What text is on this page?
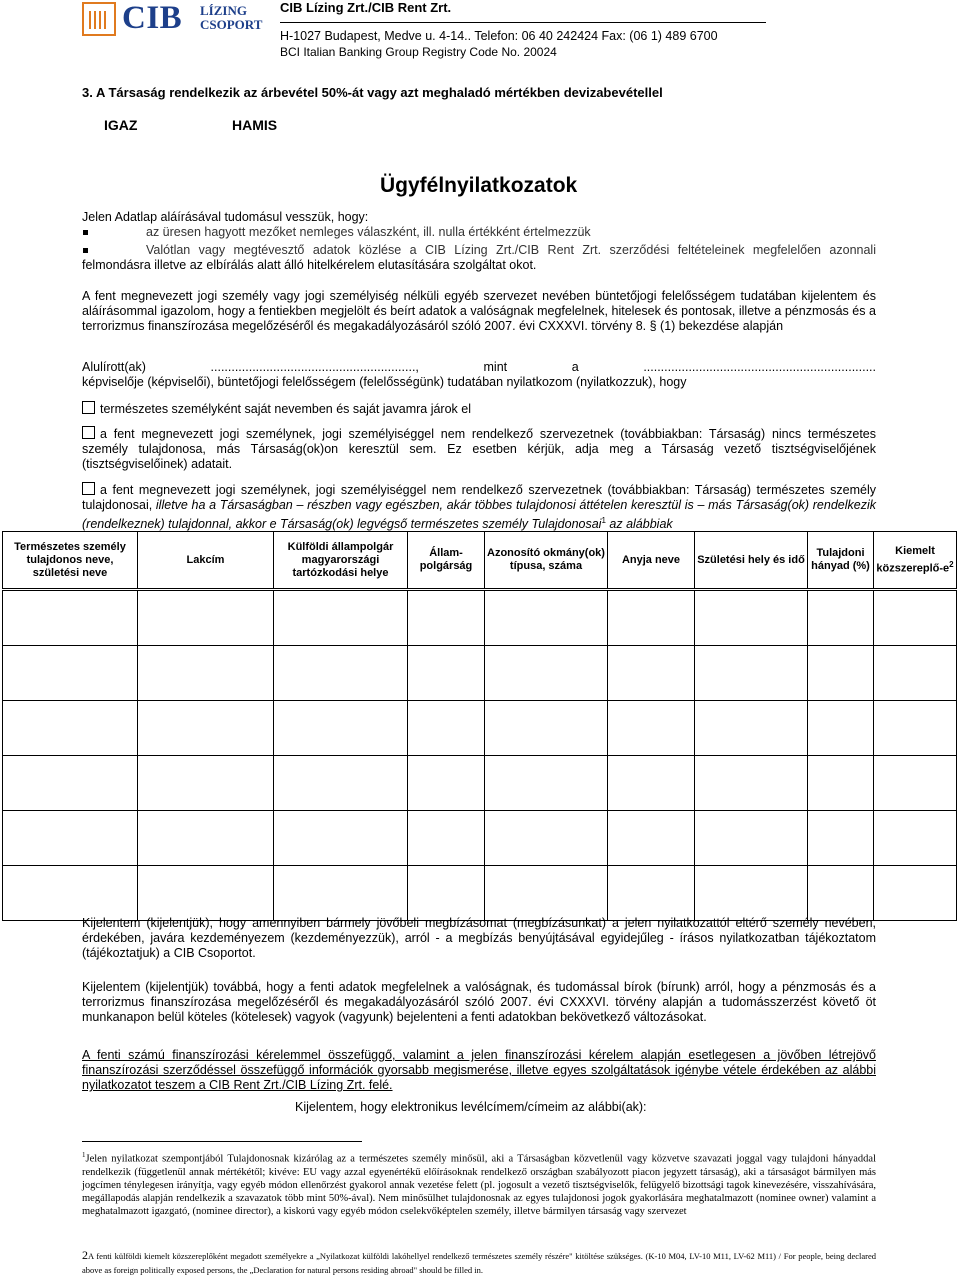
CIB LÍZING
CSOPORT
CIB Lízing Zrt./CIB Rent Zrt.
H-1027 Budapest, Medve u. 4-14.. Telefon: 06 40 242424 Fax: (06 1) 489 6700
BCI Italian Banking Group Registry Code No. 20024
3. A Társaság rendelkezik az árbevétel 50%-át vagy azt meghaladó mértékben devizabevétellel
IGAZ	HAMIS
Ügyfélnyilatkozatok
Jelen Adatlap aláírásával tudomásul vesszük, hogy:
az üresen hagyott mezőket nemleges válaszként, ill. nulla értékként értelmezzük
Valótlan vagy megtévesztő adatok közlése a CIB Lízing Zrt./CIB Rent Zrt. szerződési feltételeinek megfelelően azonnali
felmondásra illetve az elbírálás alatt álló hitelkérelem elutasítására szolgáltat okot.
A fent megnevezett jogi személy vagy jogi személyiség nélküli egyéb szervezet nevében büntetőjogi felelősségem tudatában kijelentem és aláírásommal igazolom, hogy a fentiekben megjelölt és beírt adatok a valóságnak megfelelnek, hitelesek és pontosak, illetve a pénzmosás és a terrorizmus finanszírozása megelőzéséről és megakadályozásáról szóló 2007. évi CXXXVI. törvény 8. § (1) bekezdése alapján
Alulírott(ak) ..........................................................., mint a ...................................................................
képviselője (képviselői), büntetőjogi felelősségem (felelősségünk) tudatában nyilatkozom (nyilatkozzuk), hogy
természetes személyként saját nevemben és saját javamra járok el
a fent megnevezett jogi személynek, jogi személyiséggel nem rendelkező szervezetnek (továbbiakban: Társaság) nincs természetes személy tulajdonosa, más Társaság(ok)on keresztül sem. Ez esetben kérjük, adja meg a Társaság vezető tisztségviselőjének (tisztségviselőinek) adatait.
a fent megnevezett jogi személynek, jogi személyiséggel nem rendelkező szervezetnek (továbbiakban: Társaság) természetes személy tulajdonosai, illetve ha a Társaságban – részben vagy egészben, akár többes tulajdonosi áttételen keresztül is – más Társaság(ok) rendelkezik (rendelkeznek) tulajdonnal, akkor e Társaság(ok) legvégső természetes személy Tulajdonosai$^1$ az alábbiak
Természetes személy tulajdonos neve, születési neve	Lakcím	Külföldi állampolgár magyarországi tartózkodási helye	Állam-polgárság	Azonosító okmány(ok) típusa, száma	Anyja neve	Születési hely és idő	Tulajdoni hányad (%)	Kiemelt közszereplő-$e^2$

Kijelentem (kijelentjük), hogy amennyiben bármely jövőbeli megbízásomat (megbízásunkat) a jelen nyilatkozattól eltérő személy nevében, érdekében, javára kezdeményezem (kezdeményezzük), arról - a megbízás benyújtásával egyidejűleg - írásos nyilatkozatban tájékoztatom (tájékoztatjuk) a CIB Csoportot.
Kijelentem (kijelentjük) továbbá, hogy a fenti adatok megfelelnek a valóságnak, és tudomással bírok (bírunk) arról, hogy a pénzmosás és a terrorizmus finanszírozása megelőzéséről és megakadályozásáról szóló 2007. évi CXXXVI. törvény alapján a tudomásszerzést követő öt munkanapon belül köteles (kötelesek) vagyok (vagyunk) bejelenteni a fenti adatokban bekövetkező változásokat.
A fenti számú finanszírozási kérelemmel összefüggő, valamint a jelen finanszírozási kérelem alapján esetlegesen a jövőben létrejövő finanszírozási szerződéssel összefüggő információk gyorsabb megismerése, illetve egyes szolgáltatások igénybe vétele érdekében az alábbi nyilatkozatot teszem a CIB Rent Zrt./CIB Lízing Zrt. felé.
Kijelentem, hogy elektronikus levélcímem/címeim az alábbi(ak):
$^1$Jelen nyilatkozat szempontjából Tulajdonosnak kizárólag az a természetes személy minősül, aki a Társaságban közvetlenül vagy közvetve szavazati joggal vagy tulajdoni hányaddal rendelkezik (függetlenül annak mértékétől; kivéve: EU vagy azzal egyenértékű előírásoknak rendelkező országban szabályozott piacon jegyzett társaság), aki a társaságot bármilyen más jogcímen ténylegesen irányítja, vagy egyéb módon ellenőrzést gyakorol annak vezetése felett (pl. jogosult a vezető tisztségviselők, felügyelő bizottsági tagok kinevezésére, visszahívására, megállapodás alapján rendelkezik a szavazatok több mint 50%-ával). Nem minősülhet tulajdonosnak az egyes tulajdonosi jogok gyakorlására meghatalmazott (nominee owner) valamint a meghatalmazott igazgató, (nominee director), a kiskorú vagy egyéb módon cselekvőképtelen személy, illetve bármilyen társaság vagy szervezet
2A fenti külföldi kiemelt közszereplőként megadott személyekre a „Nyilatkozat külföldi lakóhellyel rendelkező természetes személy részére" kitöltése szükséges. (K-10 M04, LV-10 M11, LV-62 M11) / For people, being declared above as foreign politically exposed persons, the „Declaration for natural persons residing abroad" should be filled in.
